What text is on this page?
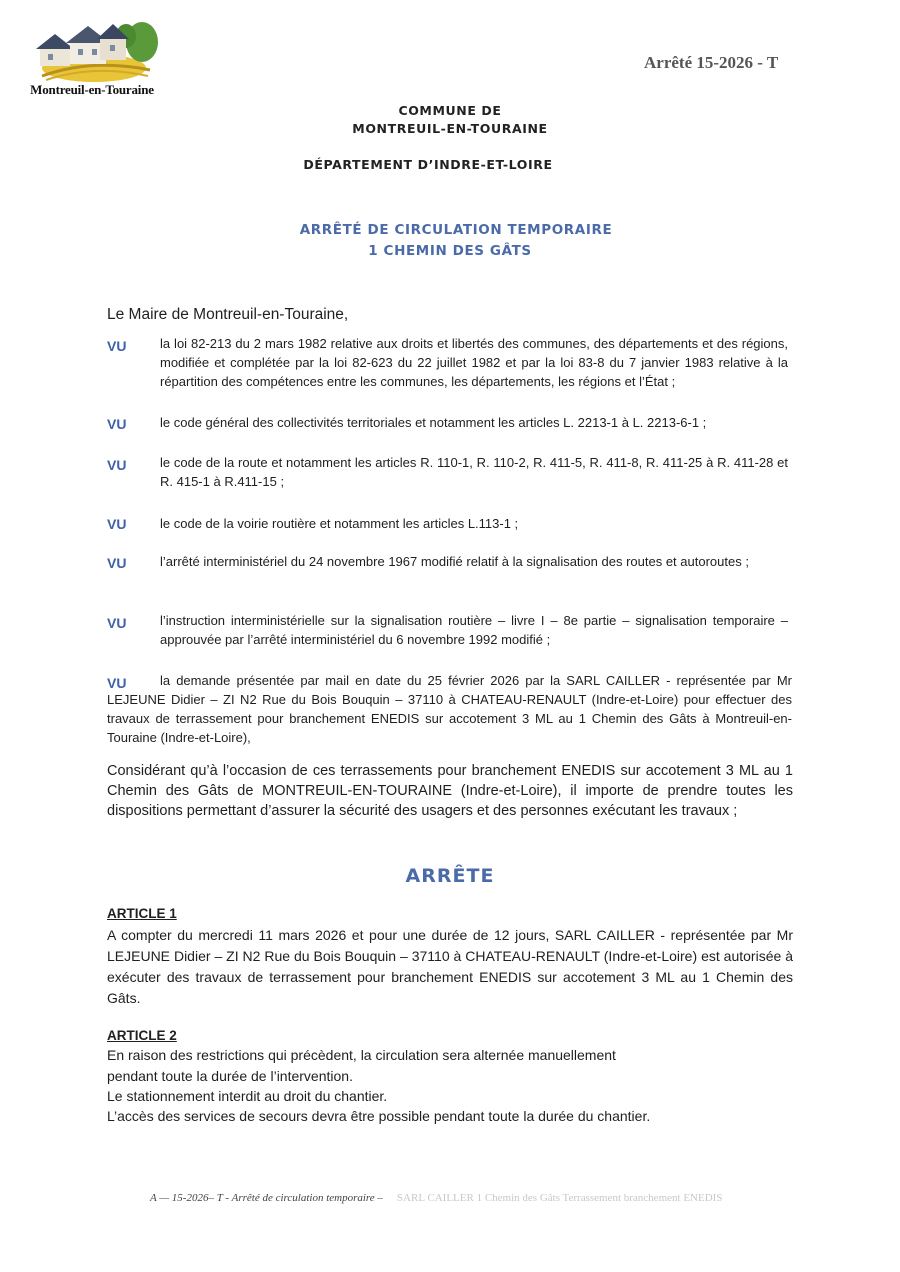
Montreuil-en-Touraine
Arrêté 15-2026 - T
COMMUNE DE
MONTREUIL-EN-TOURAINE
DÉPARTEMENT D’INDRE-ET-LOIRE
ARRÊTÉ DE CIRCULATION TEMPORAIRE
1 CHEMIN DES GÂTS
Le Maire de Montreuil-en-Touraine,
VU	la loi 82-213 du 2 mars 1982 relative aux droits et libertés des communes, des départements et des régions, modifiée et complétée par la loi 82-623 du 22 juillet 1982 et par la loi 83-8 du 7 janvier 1983 relative à la répartition des compétences entre les communes, les départements, les régions et l’État ;
VU	le code général des collectivités territoriales et notamment les articles L. 2213-1 à L. 2213-6-1 ;
VU	le code de la route et notamment les articles R. 110-1, R. 110-2, R. 411-5, R. 411-8, R. 411-25 à R. 411-28 et R. 415-1 à R.411-15 ;
VU	le code de la voirie routière et notamment les articles L.113-1 ;
VU	l’arrêté interministériel du 24 novembre 1967 modifié relatif à la signalisation des routes et autoroutes ;
VU	l’instruction interministérielle sur la signalisation routière – livre I – 8e partie – signalisation temporaire – approuvée par l’arrêté interministériel du 6 novembre 1992 modifié ;
VU	la demande présentée par mail en date du 25 février 2026 par la SARL CAILLER - représentée par Mr LEJEUNE Didier – ZI N2 Rue du Bois Bouquin – 37110 à CHATEAU-RENAULT (Indre-et-Loire) pour effectuer des travaux de terrassement pour branchement ENEDIS sur accotement 3 ML au 1 Chemin des Gâts à Montreuil-en-Touraine (Indre-et-Loire),
Considérant qu’à l’occasion de ces terrassements pour branchement ENEDIS sur accotement 3 ML au 1 Chemin des Gâts de MONTREUIL-EN-TOURAINE (Indre-et-Loire), il importe de prendre toutes les dispositions permettant d’assurer la sécurité des usagers et des personnes exécutant les travaux ;
ARRÊTE
ARTICLE 1
A compter du mercredi 11 mars 2026 et pour une durée de 12 jours, SARL CAILLER - représentée par Mr LEJEUNE Didier – ZI N2 Rue du Bois Bouquin – 37110 à CHATEAU-RENAULT (Indre-et-Loire) est autorisée à exécuter des travaux de terrassement pour branchement ENEDIS sur accotement 3 ML au 1 Chemin des Gâts.
ARTICLE 2
En raison des restrictions qui précèdent, la circulation sera alternée manuellement
pendant toute la durée de l’intervention.
Le stationnement interdit au droit du chantier.
L’accès des services de secours devra être possible pendant toute la durée du chantier.
A — 15-2026– T - Arrêté de circulation temporaire – SARL CAILLER 1 Chemin des Gâts Terrassement branchement ENEDIS
